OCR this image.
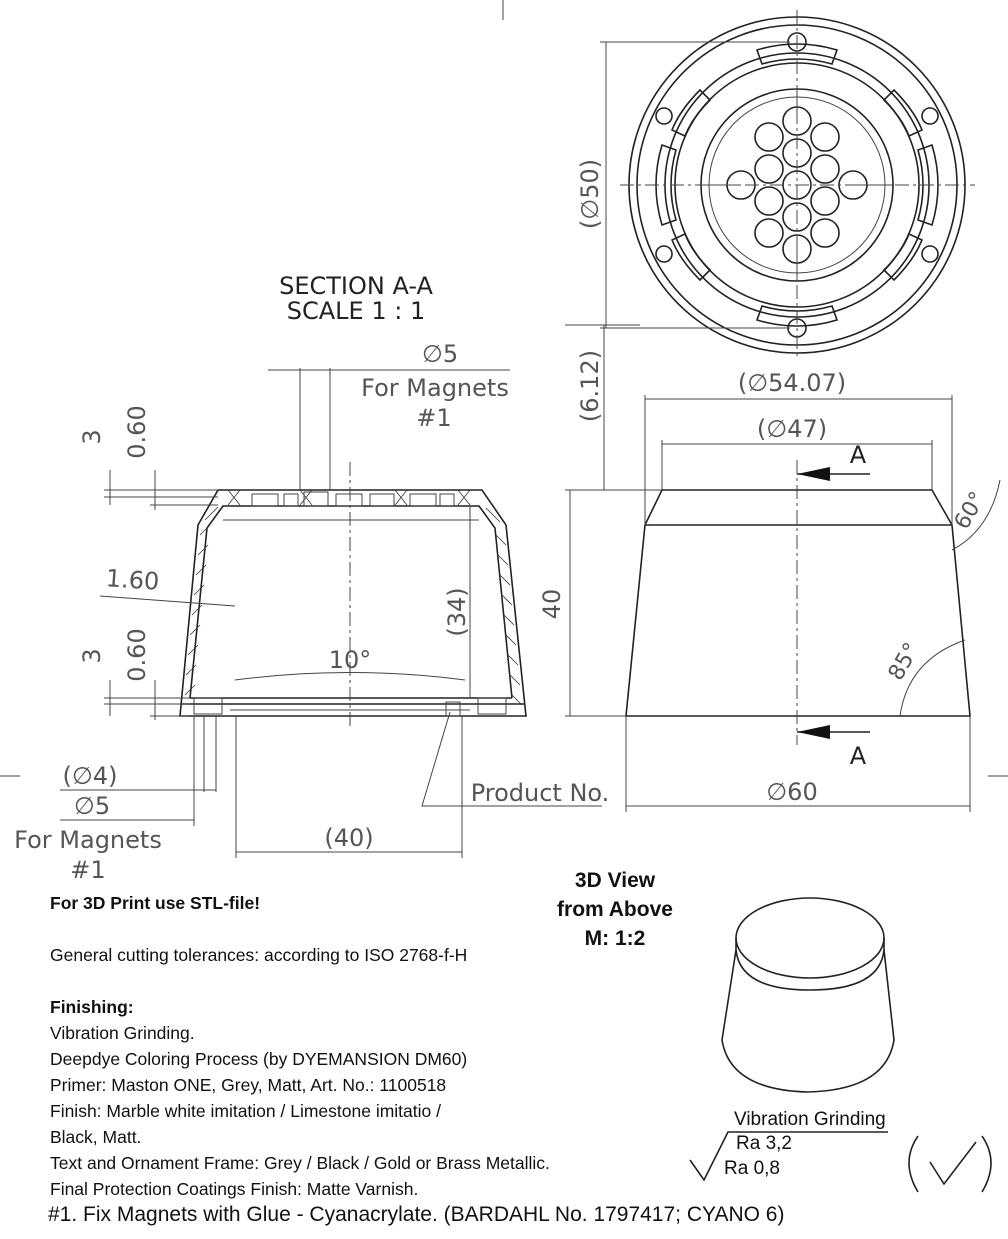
SECTION A-A
SCALE 1 : 1
3 0.60
∅5
For Magnets
#1
1.60
3 0.60	10°
(34)
(∅4)
∅5
For Magnets
#1
(40)
Product No.
A
A
(6.12)	(∅54.07)
(∅47)
40
60°
85°
∅60
(∅50)
3D View
from Above
M: 1:2

For 3D Print use STL-file!

General cutting tolerances: according to ISO 2768-f-H

Finishing:

Vibration Grinding.

Deepdye Coloring Process (by DYEMANSION DM60)

Primer: Maston ONE, Grey, Matt, Art. No.: 1100518

Finish: Marble white imitation / Limestone imitatio /

Black, Matt.

Text and Ornament Frame: Grey / Black / Gold or Brass Metallic.

Final Protection Coatings Finish: Matte Varnish.

Vibration Grinding
Ra 3,2
Ra 0,8
#1. Fix Magnets with Glue - Cyanacrylate. (BARDAHL No. 1797417; CYANO 6)
